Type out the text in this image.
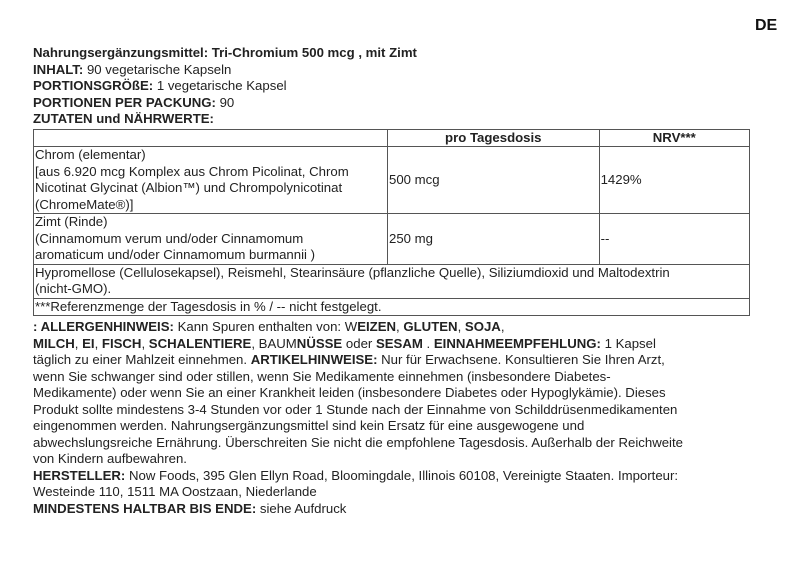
DE
Nahrungsergänzungsmittel: Tri-Chromium 500 mcg , mit Zimt
INHALT: 90 vegetarische Kapseln
PORTIONSGRÖßE: 1 vegetarische Kapsel
PORTIONEN PER PACKUNG: 90
ZUTATEN und NÄHRWERTE:
	pro Tagesdosis	NRV***

Chrom (elementar)
[aus 6.920 mcg Komplex aus Chrom Picolinat, Chrom
Nicotinat Glycinat (Albion™) und Chrompolynicotinat
(ChromeMate®)]	500 mcg	1429%

Zimt (Rinde)
(Cinnamomum verum und/oder Cinnamomum
aromaticum und/oder Cinnamomum burmannii )	250 mg	--

Hypromellose (Cellulosekapsel), Reismehl, Stearinsäure (pflanzliche Quelle), Siliziumdioxid und Maltodextrin
(nicht-GMO).		

***Referenzmenge der Tagesdosis in % / -- nicht festgelegt.		
: ALLERGENHINWEIS: Kann Spuren enthalten von: WEIZEN, GLUTEN, SOJA,
MILCH, EI, FISCH, SCHALENTIERE, BAUMNÜSSE oder SESAM . EINNAHMEEMPFEHLUNG: 1 Kapsel
täglich zu einer Mahlzeit einnehmen. ARTIKELHINWEISE: Nur für Erwachsene. Konsultieren Sie Ihren Arzt,
wenn Sie schwanger sind oder stillen, wenn Sie Medikamente einnehmen (insbesondere Diabetes-
Medikamente) oder wenn Sie an einer Krankheit leiden (insbesondere Diabetes oder Hypoglykämie). Dieses
Produkt sollte mindestens 3-4 Stunden vor oder 1 Stunde nach der Einnahme von Schilddrüsenmedikamenten
eingenommen werden. Nahrungsergänzungsmittel sind kein Ersatz für eine ausgewogene und
abwechslungsreiche Ernährung. Überschreiten Sie nicht die empfohlene Tagesdosis. Außerhalb der Reichweite
von Kindern aufbewahren.
HERSTELLER: Now Foods, 395 Glen Ellyn Road, Bloomingdale, Illinois 60108, Vereinigte Staaten. Importeur:
Westeinde 110, 1511 MA Oostzaan, Niederlande
MINDESTENS HALTBAR BIS ENDE: siehe Aufdruck
